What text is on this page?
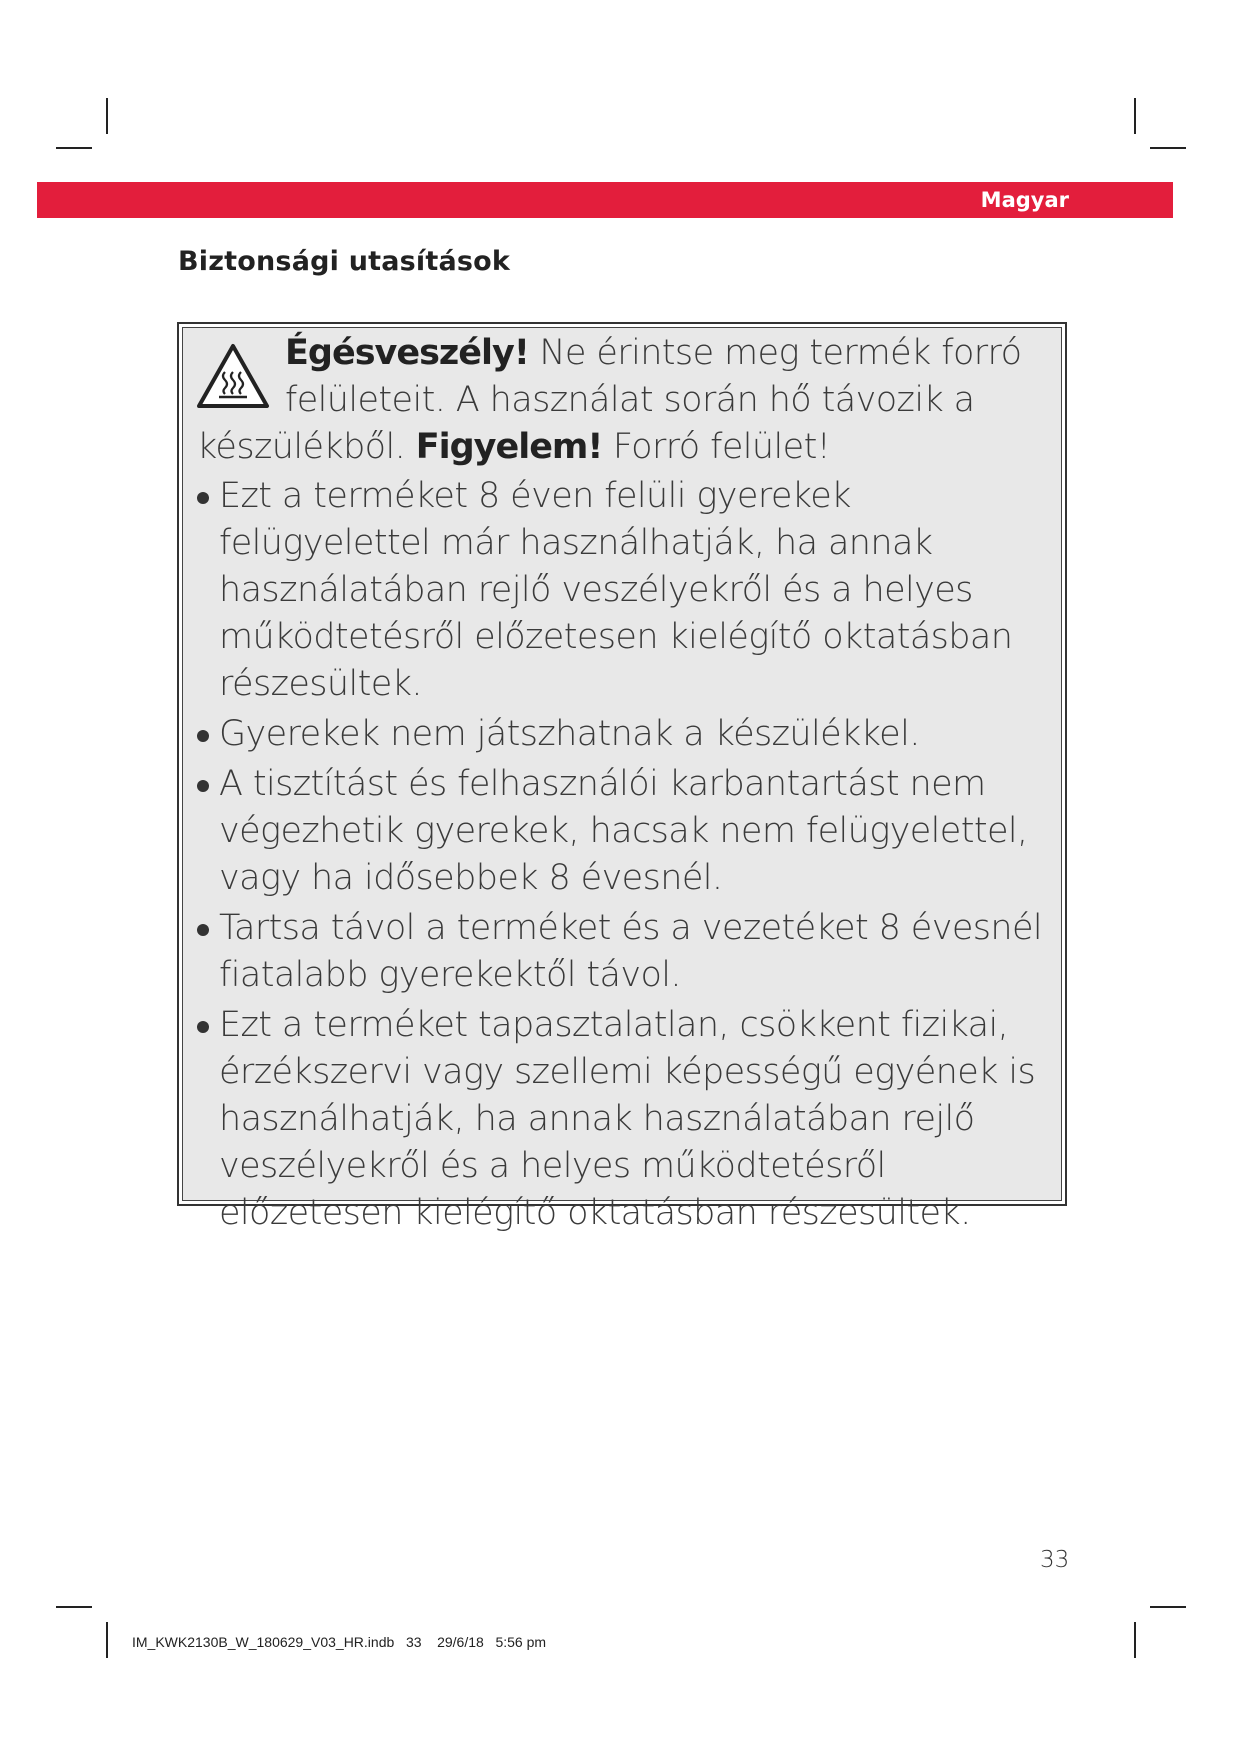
Magyar
Biztonsági utasítások

Égésveszély! Ne érintse meg termék forró
felületeit. A használat során hő távozik a
készülékből. Figyelem! Forró felület!

Ezt a terméket 8 éven felüli gyerekek felügyelettel már használhatják, ha annak használatában rejlő veszélyekről és a helyes működtetésről előzetesen kielégítő oktatásban részesültek.
Gyerekek nem játszhatnak a készülékkel.
A tisztítást és felhasználói karbantartást nem végezhetik gyerekek, hacsak nem felügyelettel, vagy ha idősebbek 8 évesnél.
Tartsa távol a terméket és a vezetéket 8 évesnél fiatalabb gyerekektől távol.
Ezt a terméket tapasztalatlan, csökkent fizikai, érzékszervi vagy szellemi képességű egyének is használhatják, ha annak használatában rejlő veszélyekről és a helyes működtetésről előzetesen kielégítő oktatásban részesültek.
33
IM_KWK2130B_W_180629_V03_HR.indb   33    29/6/18   5:56 pm
